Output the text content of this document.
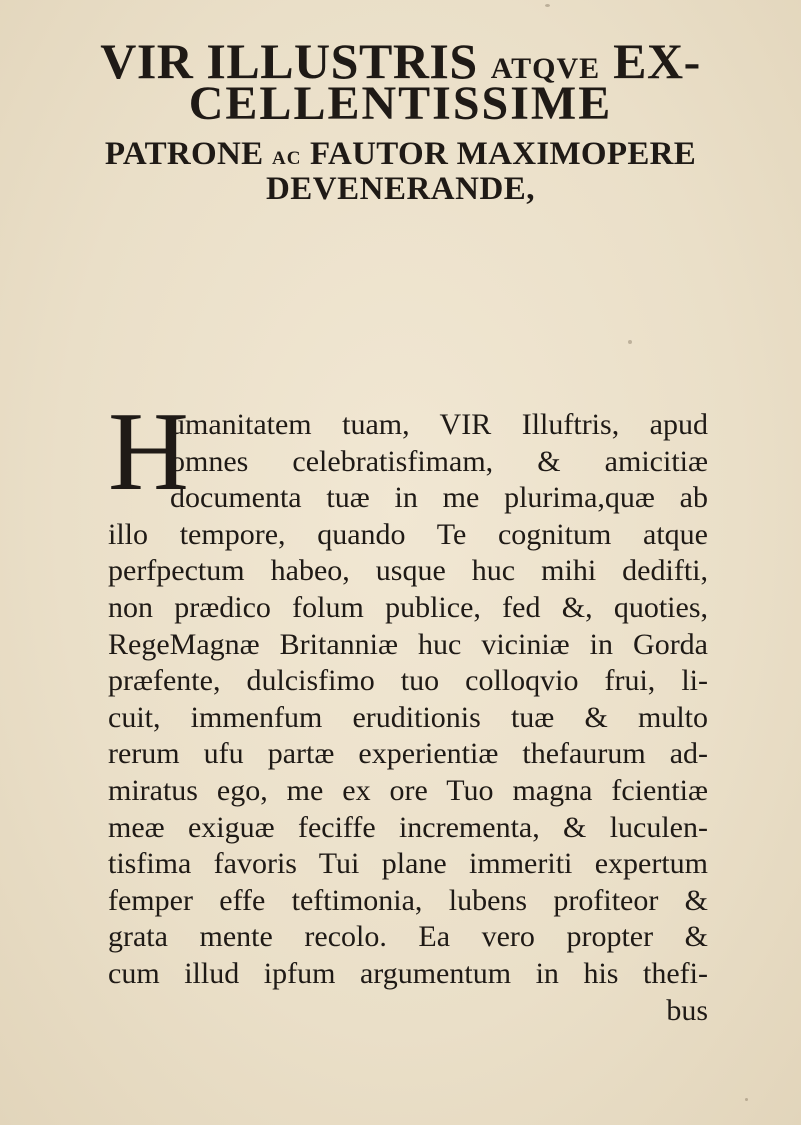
VIR ILLUSTRIS ATQVE EX-
CELLENTISSIME
PATRONE AC FAUTOR MAXIMOPERE
DEVENERANDE,
H
umanitatem tuam, VIR Illuftris, apud
omnes celebratisfimam, & amicitiæ
documenta tuæ in me plurima,quæ ab
illo tempore, quando Te cognitum atque
perfpectum habeo, usque huc mihi dedifti,
non prædico folum publice, fed &, quoties,
RegeMagnæ Britanniæ huc viciniæ in Gorda
præfente, dulcisfimo tuo colloqvio frui, li-
cuit, immenfum eruditionis tuæ & multo
rerum ufu partæ experientiæ thefaurum ad-
miratus ego, me ex ore Tuo magna fcientiæ
meæ exiguæ feciffe incrementa, & luculen-
tisfima favoris Tui plane immeriti expertum
femper effe teftimonia, lubens profiteor &
grata mente recolo. Ea vero propter &
cum illud ipfum argumentum in his thefi-
bus
